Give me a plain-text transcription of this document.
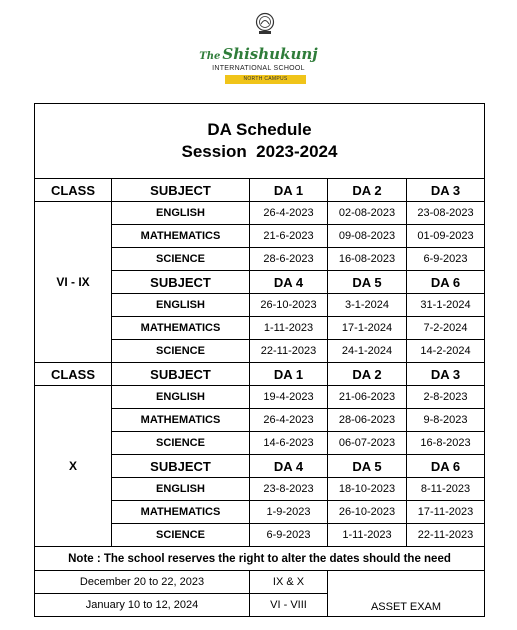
The Shishukunj
INTERNATIONAL SCHOOL
NORTH CAMPUS
DA Schedule
Session  2023-2024				

CLASS	SUBJECT	DA 1	DA 2	DA 3
VI - IX	ENGLISH	26-4-2023	02-08-2023	23-08-2023
	MATHEMATICS	21-6-2023	09-08-2023	01-09-2023
	SCIENCE	28-6-2023	16-08-2023	6-9-2023
	SUBJECT	DA 4	DA 5	DA 6
	ENGLISH	26-10-2023	3-1-2024	31-1-2024
	MATHEMATICS	1-11-2023	17-1-2024	7-2-2024
	SCIENCE	22-11-2023	24-1-2024	14-2-2024
CLASS	SUBJECT	DA 1	DA 2	DA 3
X	ENGLISH	19-4-2023	21-06-2023	2-8-2023
	MATHEMATICS	26-4-2023	28-06-2023	9-8-2023
	SCIENCE	14-6-2023	06-07-2023	16-8-2023
	SUBJECT	DA 4	DA 5	DA 6
	ENGLISH	23-8-2023	18-10-2023	8-11-2023
	MATHEMATICS	1-9-2023	26-10-2023	17-11-2023
	SCIENCE	6-9-2023	1-11-2023	22-11-2023
Note : The school reserves the right to alter the dates should the need				
December 20 to 22, 2023		IX & X	ASSET EXAM	
January 10 to 12, 2024		VI - VIII		
